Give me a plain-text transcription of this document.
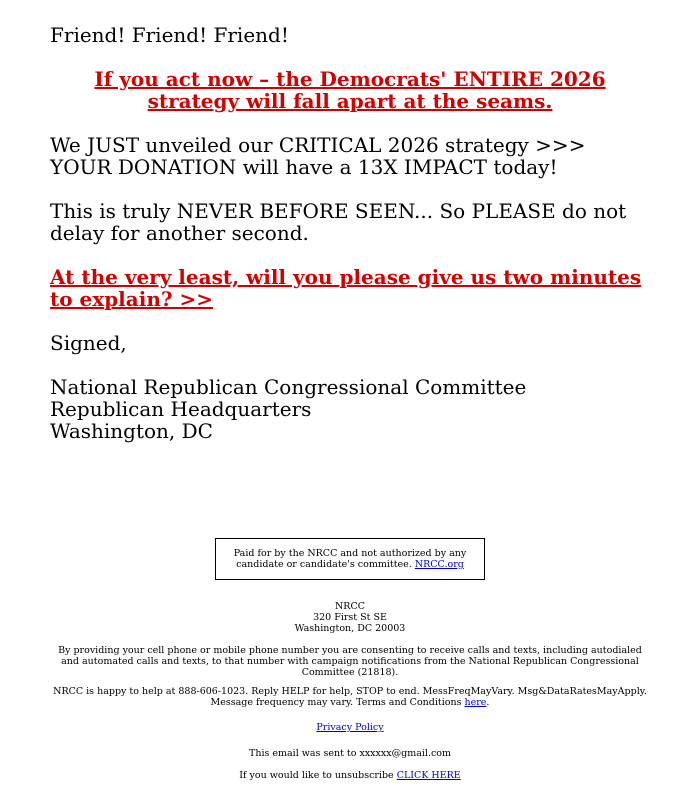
Friend! Friend! Friend!

If you act now – the Democrats' ENTIRE 2026 strategy will fall apart at the seams.

We JUST unveiled our CRITICAL 2026 strategy >>> YOUR DONATION will have a 13X IMPACT today!

This is truly NEVER BEFORE SEEN... So PLEASE do not delay for another second.

At the very least, will you please give us two minutes to explain? >>

Signed,

National Republican Congressional Committee
Republican Headquarters
Washington, DC
Paid for by the NRCC and not authorized by any candidate or candidate's committee. NRCC.org
NRCC
320 First St SE
Washington, DC 20003
By providing your cell phone or mobile phone number you are consenting to receive calls and texts, including autodialed and automated calls and texts, to that number with campaign notifications from the National Republican Congressional Committee (21818).
NRCC is happy to help at 888-606-1023. Reply HELP for help, STOP to end. MessFreqMayVary. Msg&DataRatesMayApply. Message frequency may vary. Terms and Conditions here.
Privacy Policy
This email was sent to xxxxxx@gmail.com
If you would like to unsubscribe CLICK HERE
